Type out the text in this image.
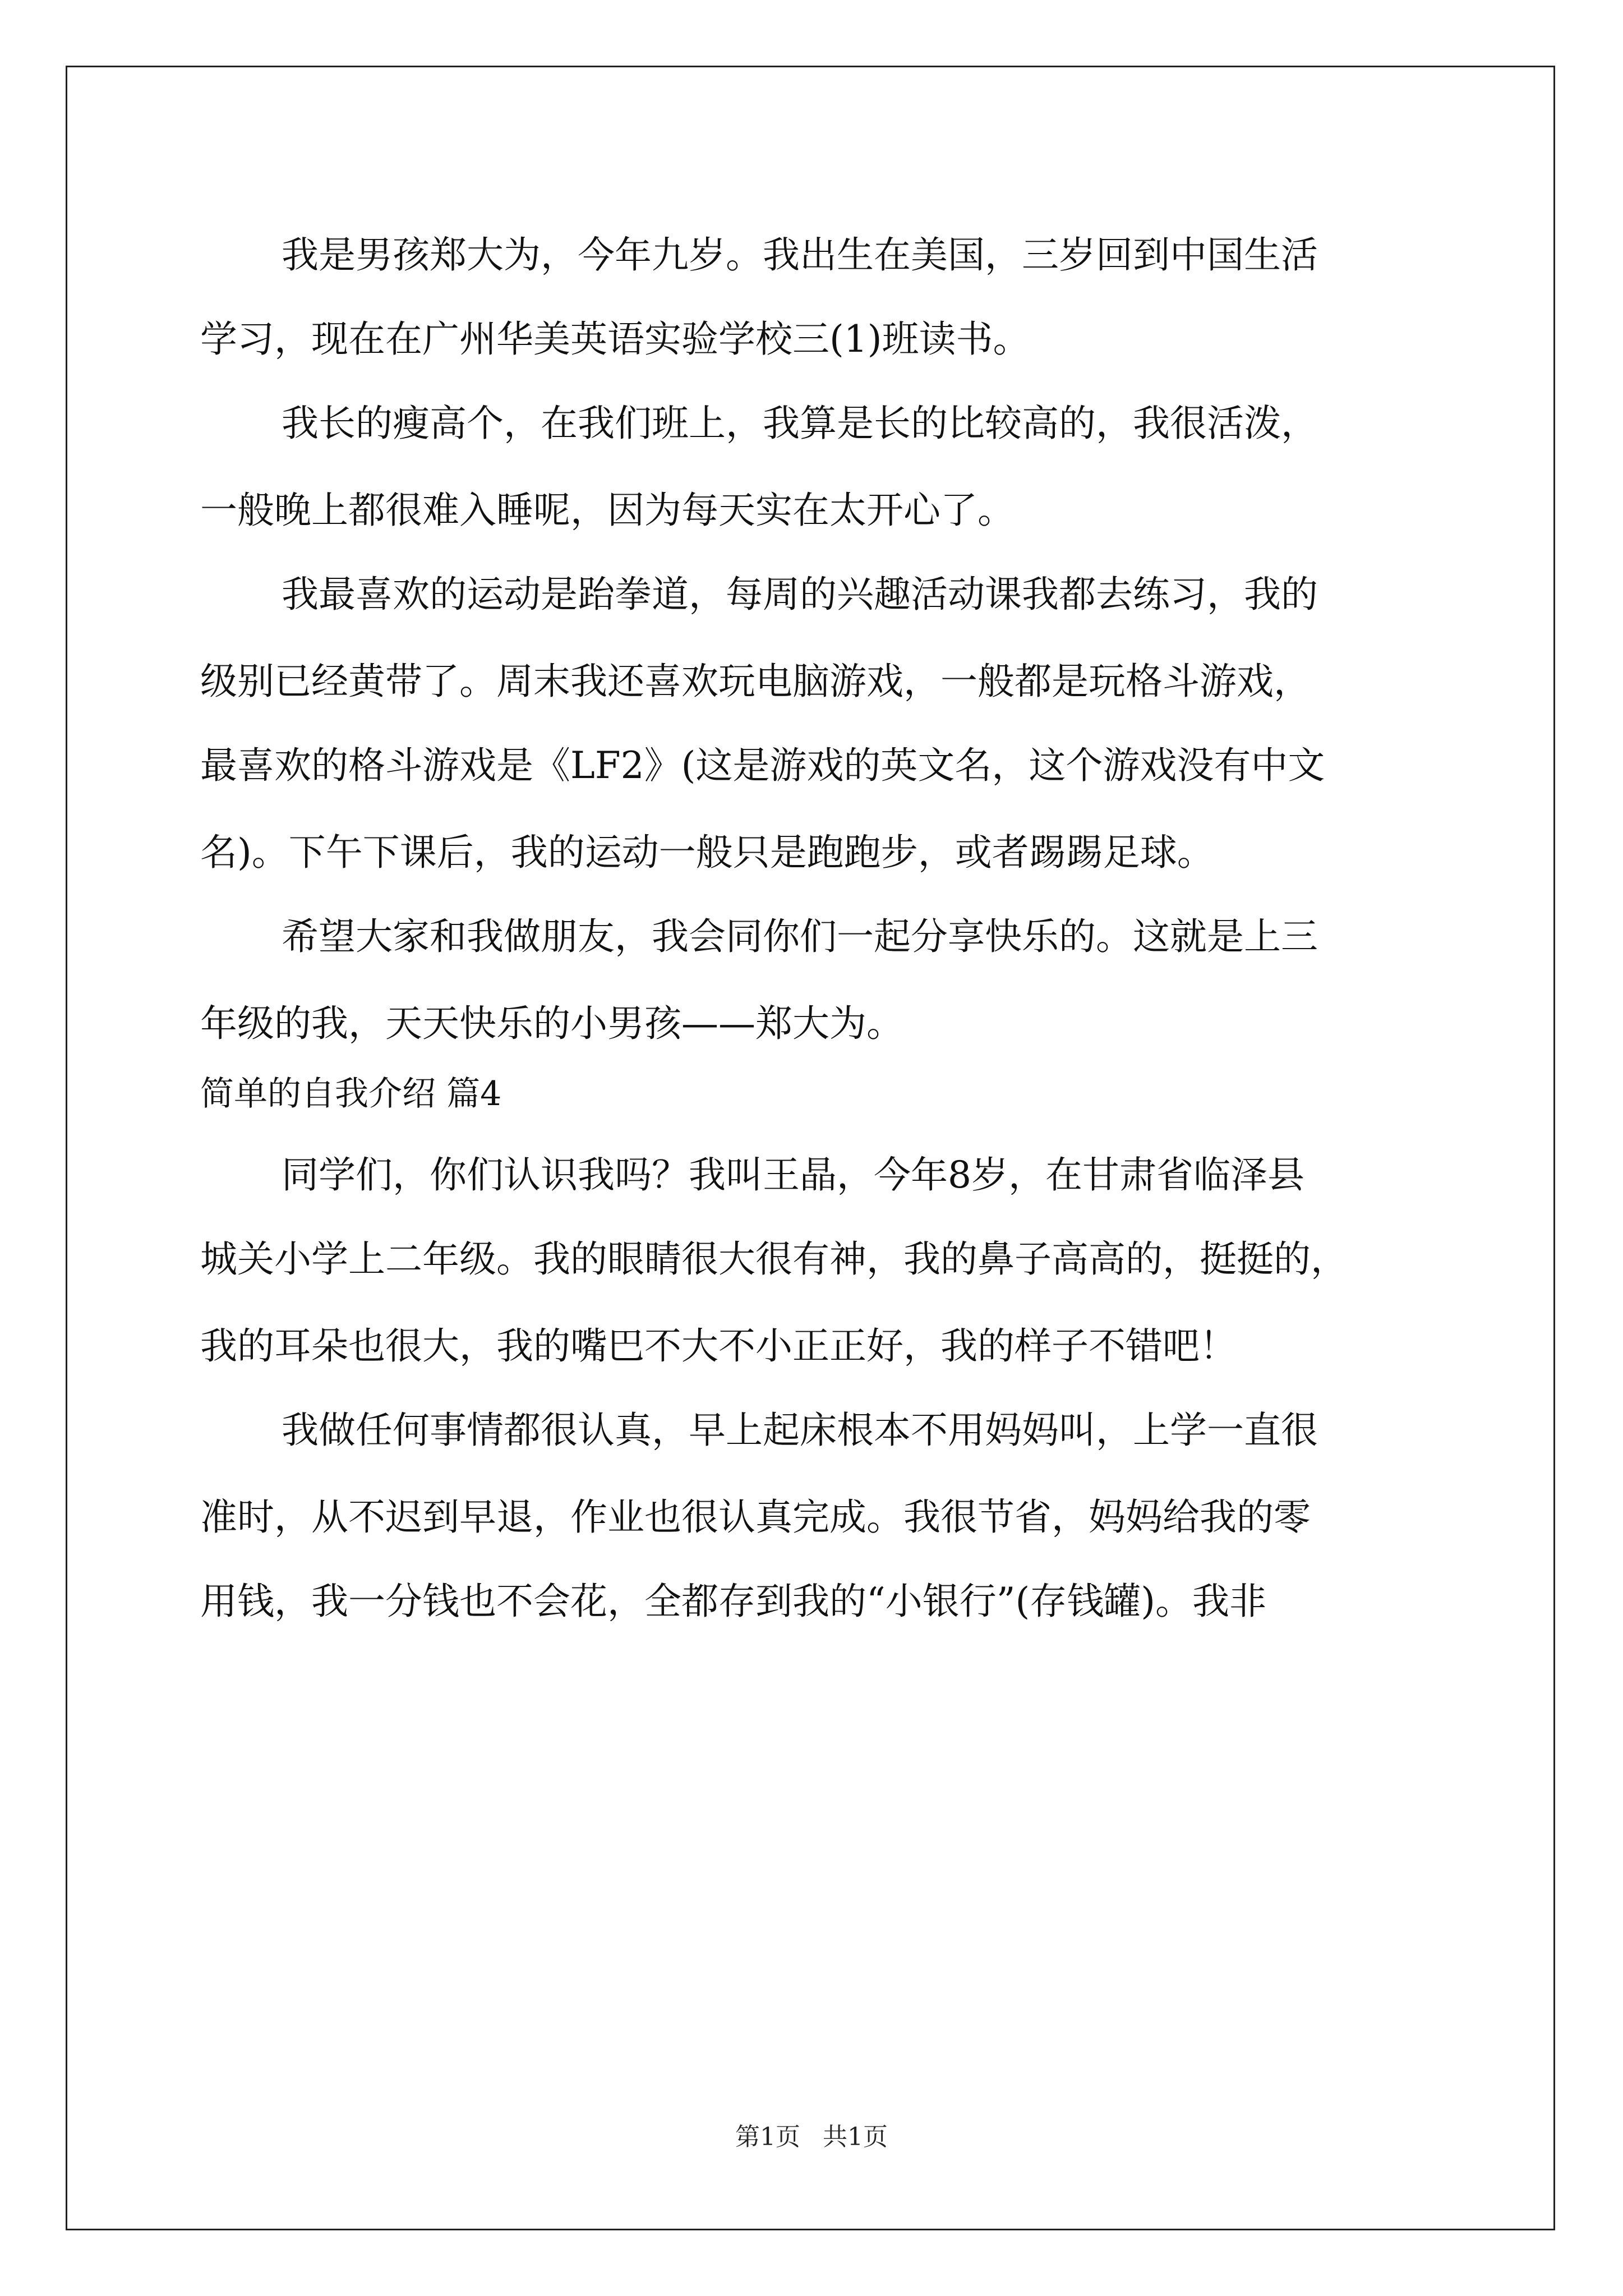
我是男孩郑大为，今年九岁。我出生在美国，三岁回到中国生活
学习，现在在广州华美英语实验学校三(1)班读书。
我长的瘦高个，在我们班上，我算是长的比较高的，我很活泼，
一般晚上都很难入睡呢，因为每天实在太开心了。
我最喜欢的运动是跆拳道，每周的兴趣活动课我都去练习，我的
级别已经黄带了。周末我还喜欢玩电脑游戏，一般都是玩格斗游戏，
最喜欢的格斗游戏是《LF2》(这是游戏的英文名，这个游戏没有中文
名)。下午下课后，我的运动一般只是跑跑步，或者踢踢足球。
希望大家和我做朋友，我会同你们一起分享快乐的。这就是上三
年级的我，天天快乐的小男孩——郑大为。
简单的自我介绍 篇4
同学们，你们认识我吗？我叫王晶，今年8岁，在甘肃省临泽县
城关小学上二年级。我的眼睛很大很有神，我的鼻子高高的，挺挺的，
我的耳朵也很大，我的嘴巴不大不小正正好，我的样子不错吧！
我做任何事情都很认真，早上起床根本不用妈妈叫，上学一直很
准时，从不迟到早退，作业也很认真完成。我很节省，妈妈给我的零
用钱，我一分钱也不会花，全都存到我的“小银行”(存钱罐)。我非
第1页 共1页
